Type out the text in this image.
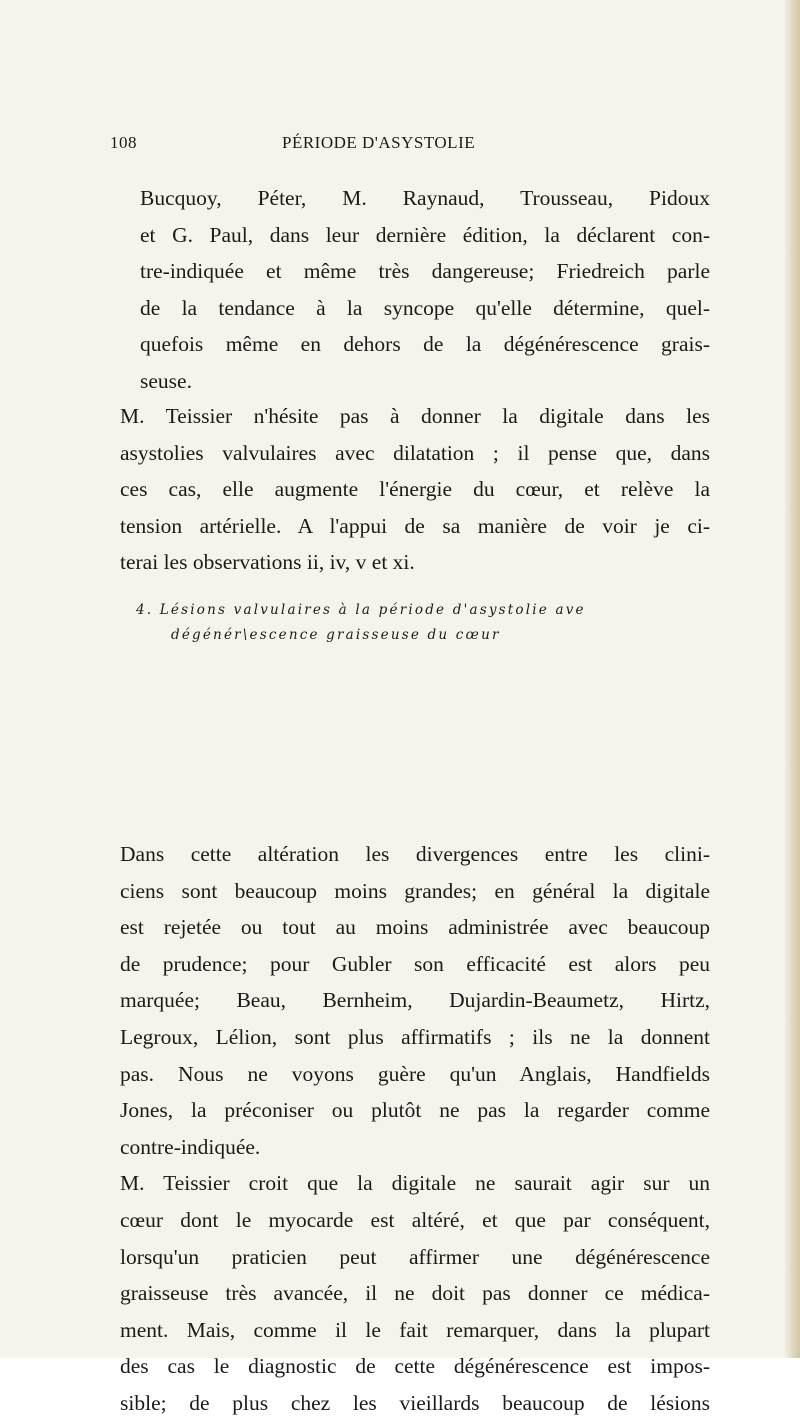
108	PÉRIODE D'ASYSTOLIE

Bucquoy, Péter, M. Raynaud, Trousseau, Pidoux
et G. Paul, dans leur dernière édition, la déclarent con-
tre-indiquée et même très dangereuse; Friedreich parle
de la tendance à la syncope qu'elle détermine, quel-
quefois même en dehors de la dégénérescence grais-
seuse.

M. Teissier n'hésite pas à donner la digitale dans les
asystolies valvulaires avec dilatation ; il pense que, dans
ces cas, elle augmente l'énergie du cœur, et relève la
tension artérielle. A l'appui de sa manière de voir je ci-
terai les observations ii, iv, v et xi.

4. Lésions valvulaires à la période d'asystolie ave
dégénér\escence graisseuse du cœur

Dans cette altération les divergences entre les clini-
ciens sont beaucoup moins grandes; en général la digitale
est rejetée ou tout au moins administrée avec beaucoup
de prudence; pour Gubler son efficacité est alors peu
marquée; Beau, Bernheim, Dujardin-Beaumetz, Hirtz,
Legroux, Lélion, sont plus affirmatifs ; ils ne la donnent
pas. Nous ne voyons guère qu'un Anglais, Handfields
Jones, la préconiser ou plutôt ne pas la regarder comme
contre-indiquée.
M. Teissier croit que la digitale ne saurait agir sur un
cœur dont le myocarde est altéré, et que par conséquent,
lorsqu'un praticien peut affirmer une dégénérescence
graisseuse très avancée, il ne doit pas donner ce médica-
ment. Mais, comme il le fait remarquer, dans la plupart
des cas le diagnostic de cette dégénérescence est impos-
sible; de plus chez les vieillards beaucoup de lésions
